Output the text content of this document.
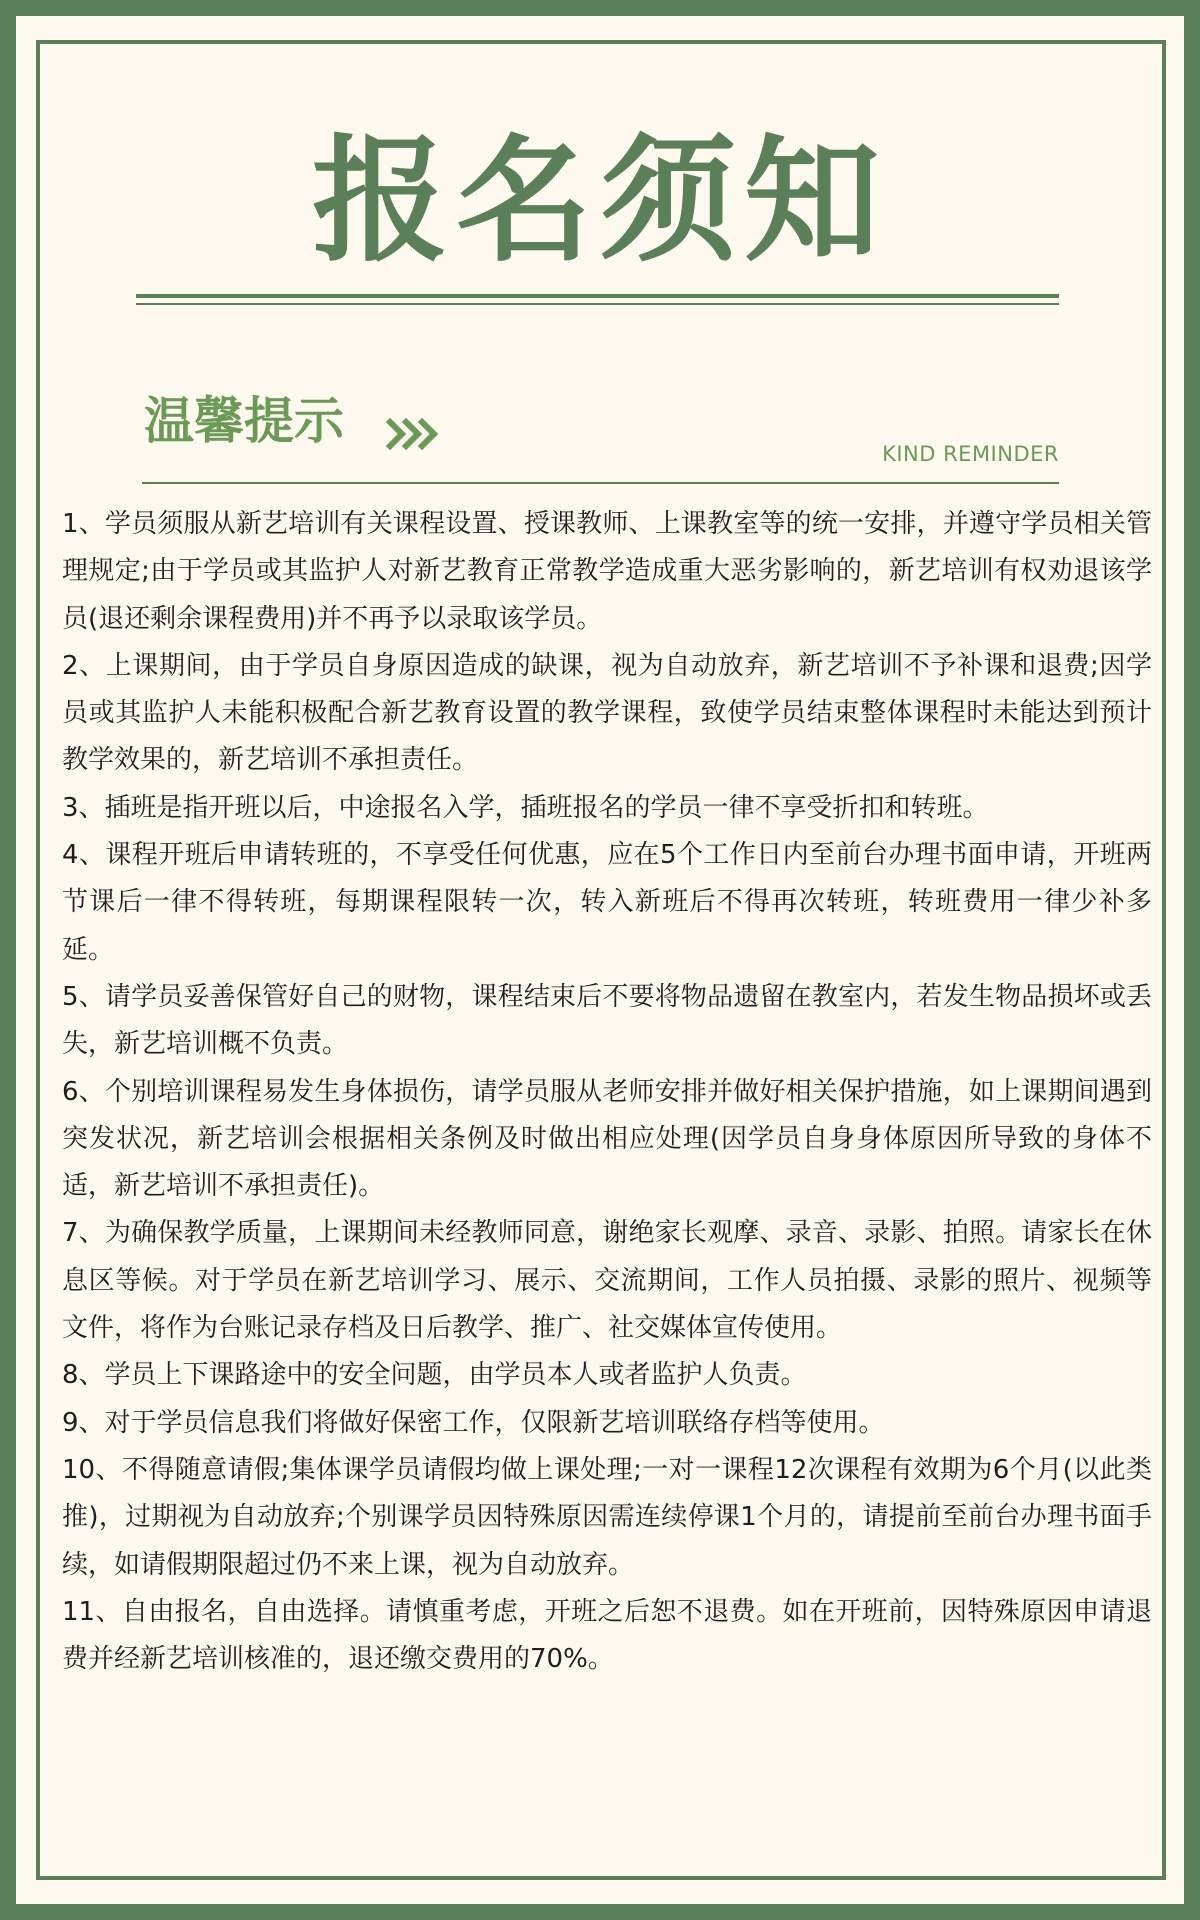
报名须知
温馨提示
KIND REMINDER

1、学员须服从新艺培训有关课程设置、授课教师、上课教室等的统一安排，并遵守学员相关管理规定;由于学员或其监护人对新艺教育正常教学造成重大恶劣影响的，新艺培训有权劝退该学员(退还剩余课程费用)并不再予以录取该学员。

2、上课期间，由于学员自身原因造成的缺课，视为自动放弃，新艺培训不予补课和退费;因学员或其监护人未能积极配合新艺教育设置的教学课程，致使学员结束整体课程时未能达到预计教学效果的，新艺培训不承担责任。

3、插班是指开班以后，中途报名入学，插班报名的学员一律不享受折扣和转班。

4、课程开班后申请转班的，不享受任何优惠，应在5个工作日内至前台办理书面申请，开班两节课后一律不得转班，每期课程限转一次，转入新班后不得再次转班，转班费用一律少补多延。

5、请学员妥善保管好自己的财物，课程结束后不要将物品遗留在教室内，若发生物品损坏或丢失，新艺培训概不负责。

6、个别培训课程易发生身体损伤，请学员服从老师安排并做好相关保护措施，如上课期间遇到突发状况，新艺培训会根据相关条例及时做出相应处理(因学员自身身体原因所导致的身体不适，新艺培训不承担责任)。

7、为确保教学质量，上课期间未经教师同意，谢绝家长观摩、录音、录影、拍照。请家长在休息区等候。对于学员在新艺培训学习、展示、交流期间，工作人员拍摄、录影的照片、视频等文件，将作为台账记录存档及日后教学、推广、社交媒体宣传使用。

8、学员上下课路途中的安全问题，由学员本人或者监护人负责。

9、对于学员信息我们将做好保密工作，仅限新艺培训联络存档等使用。

10、不得随意请假;集体课学员请假均做上课处理;一对一课程12次课程有效期为6个月(以此类推)，过期视为自动放弃;个别课学员因特殊原因需连续停课1个月的，请提前至前台办理书面手续，如请假期限超过仍不来上课，视为自动放弃。

11、自由报名，自由选择。请慎重考虑，开班之后恕不退费。如在开班前，因特殊原因申请退费并经新艺培训核准的，退还缴交费用的70%。
